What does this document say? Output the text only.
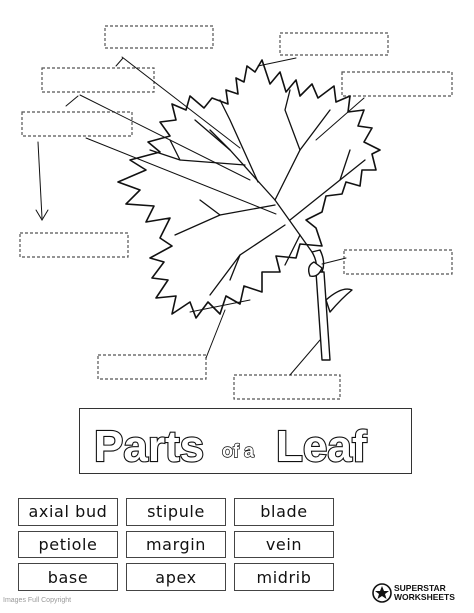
Parts of a Leaf
axial bud	stipule	blade
petiole	margin	vein
base	apex	midrib
Images Full Copyright
SUPERSTAR
WORKSHEETS
